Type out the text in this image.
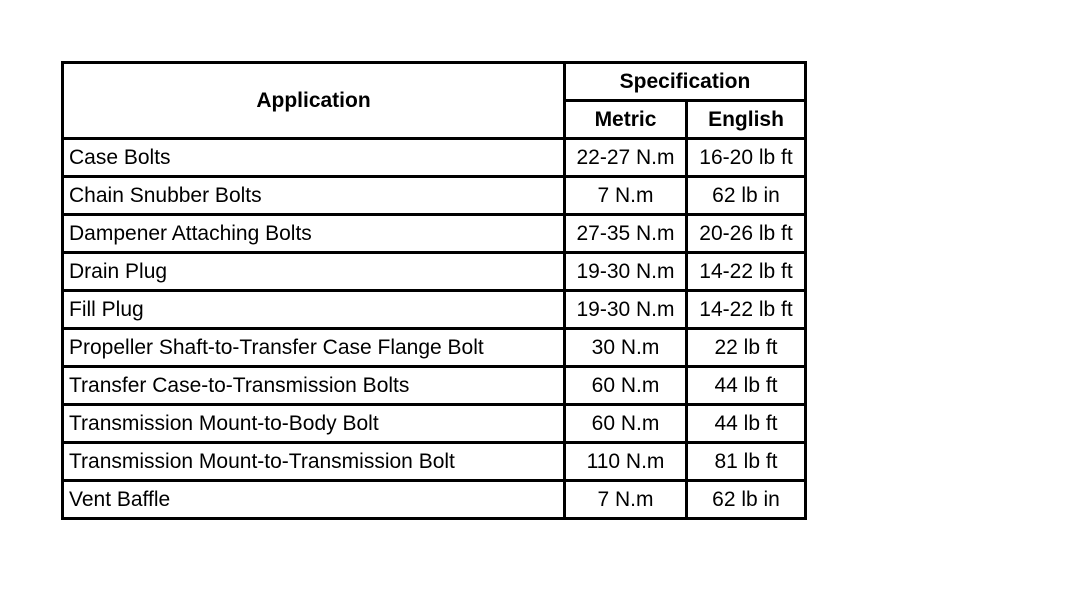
Application	Specification	
	Metric	English
Case Bolts	22-27 N.m	16-20 lb ft
Chain Snubber Bolts	7 N.m	62 lb in
Dampener Attaching Bolts	27-35 N.m	20-26 lb ft
Drain Plug	19-30 N.m	14-22 lb ft
Fill Plug	19-30 N.m	14-22 lb ft
Propeller Shaft-to-Transfer Case Flange Bolt	30 N.m	22 lb ft
Transfer Case-to-Transmission Bolts	60 N.m	44 lb ft
Transmission Mount-to-Body Bolt	60 N.m	44 lb ft
Transmission Mount-to-Transmission Bolt	110 N.m	81 lb ft
Vent Baffle	7 N.m	62 lb in
